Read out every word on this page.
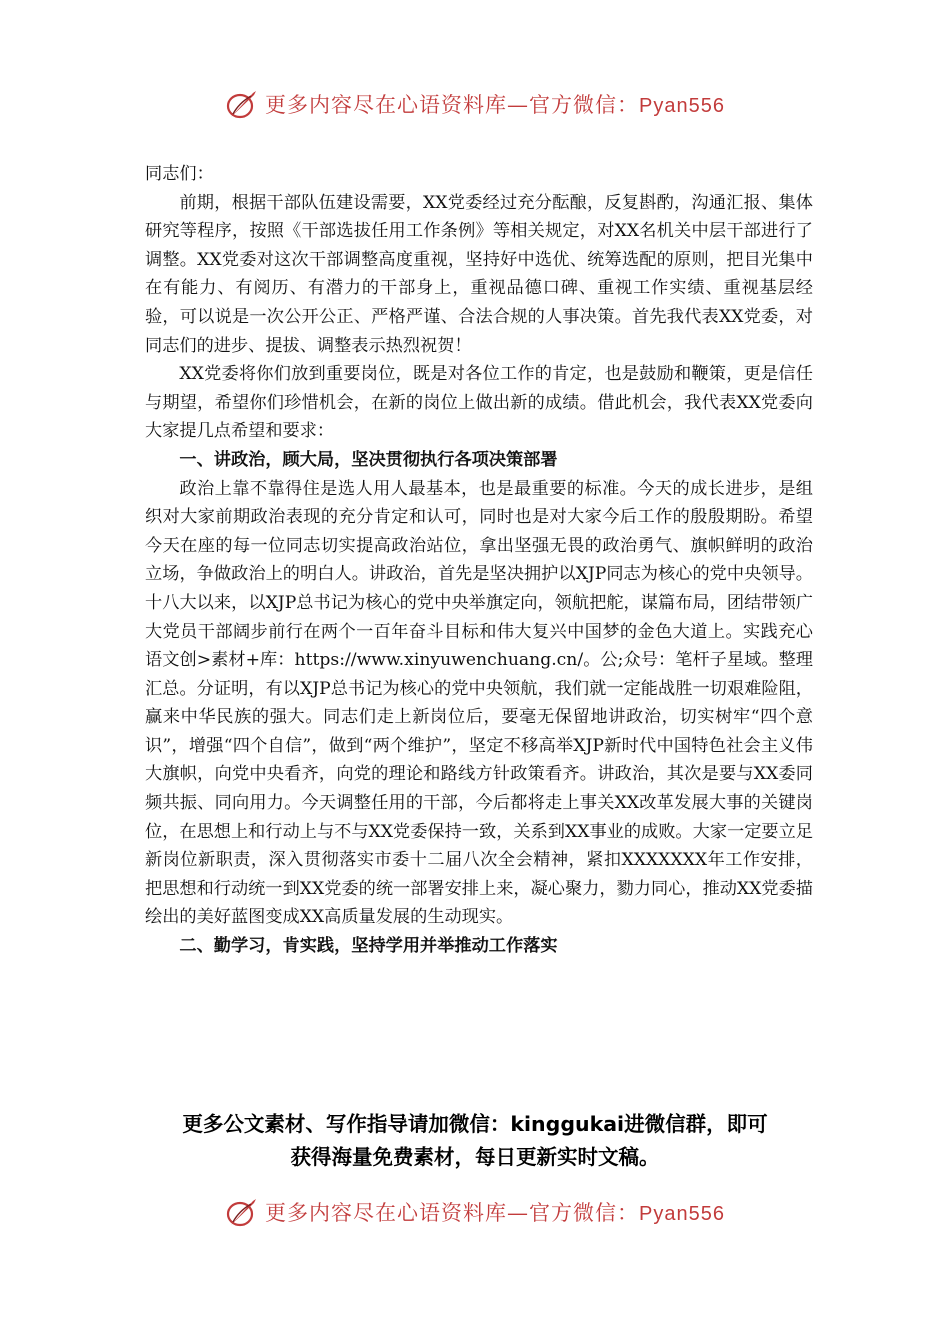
更多内容尽在心语资料库—官方微信：Pyan556

同志们：

前期，根据干部队伍建设需要，XX党委经过充分酝酿，反复斟酌，沟通汇报、集体研究等程序，按照《干部选拔任用工作条例》等相关规定，对XX名机关中层干部进行了调整。XX党委对这次干部调整高度重视，坚持好中选优、统筹选配的原则，把目光集中在有能力、有阅历、有潜力的干部身上，重视品德口碑、重视工作实绩、重视基层经验，可以说是一次公开公正、严格严谨、合法合规的人事决策。首先我代表XX党委，对同志们的进步、提拔、调整表示热烈祝贺！

XX党委将你们放到重要岗位，既是对各位工作的肯定，也是鼓励和鞭策，更是信任与期望，希望你们珍惜机会，在新的岗位上做出新的成绩。借此机会，我代表XX党委向大家提几点希望和要求：

一、讲政治，顾大局，坚决贯彻执行各项决策部署

政治上靠不靠得住是选人用人最基本，也是最重要的标准。今天的成长进步，是组织对大家前期政治表现的充分肯定和认可，同时也是对大家今后工作的殷殷期盼。希望今天在座的每一位同志切实提高政治站位，拿出坚强无畏的政治勇气、旗帜鲜明的政治立场，争做政治上的明白人。讲政治，首先是坚决拥护以XJP同志为核心的党中央领导。十八大以来，以XJP总书记为核心的党中央举旗定向，领航把舵，谋篇布局，团结带领广大党员干部阔步前行在两个一百年奋斗目标和伟大复兴中国梦的金色大道上。实践充心语文创>素材+库：https://www.xinyuwenchuang.cn/。公;众号：笔杆子星域。整理汇总。分证明，有以XJP总书记为核心的党中央领航，我们就一定能战胜一切艰难险阻，赢来中华民族的强大。同志们走上新岗位后，要毫无保留地讲政治，切实树牢“四个意识”，增强“四个自信”，做到“两个维护”，坚定不移高举XJP新时代中国特色社会主义伟大旗帜，向党中央看齐，向党的理论和路线方针政策看齐。讲政治，其次是要与XX委同频共振、同向用力。今天调整任用的干部，今后都将走上事关XX改革发展大事的关键岗位，在思想上和行动上与不与XX党委保持一致，关系到XX事业的成败。大家一定要立足新岗位新职责，深入贯彻落实市委十二届八次全会精神，紧扣XXXXXXX年工作安排，把思想和行动统一到XX党委的统一部署安排上来，凝心聚力，勠力同心，推动XX党委描绘出的美好蓝图变成XX高质量发展的生动现实。

二、勤学习，肯实践，坚持学用并举推动工作落实

更多公文素材、写作指导请加微信：kinggukai进微信群，即可

获得海量免费素材，每日更新实时文稿。

更多内容尽在心语资料库—官方微信：Pyan556
